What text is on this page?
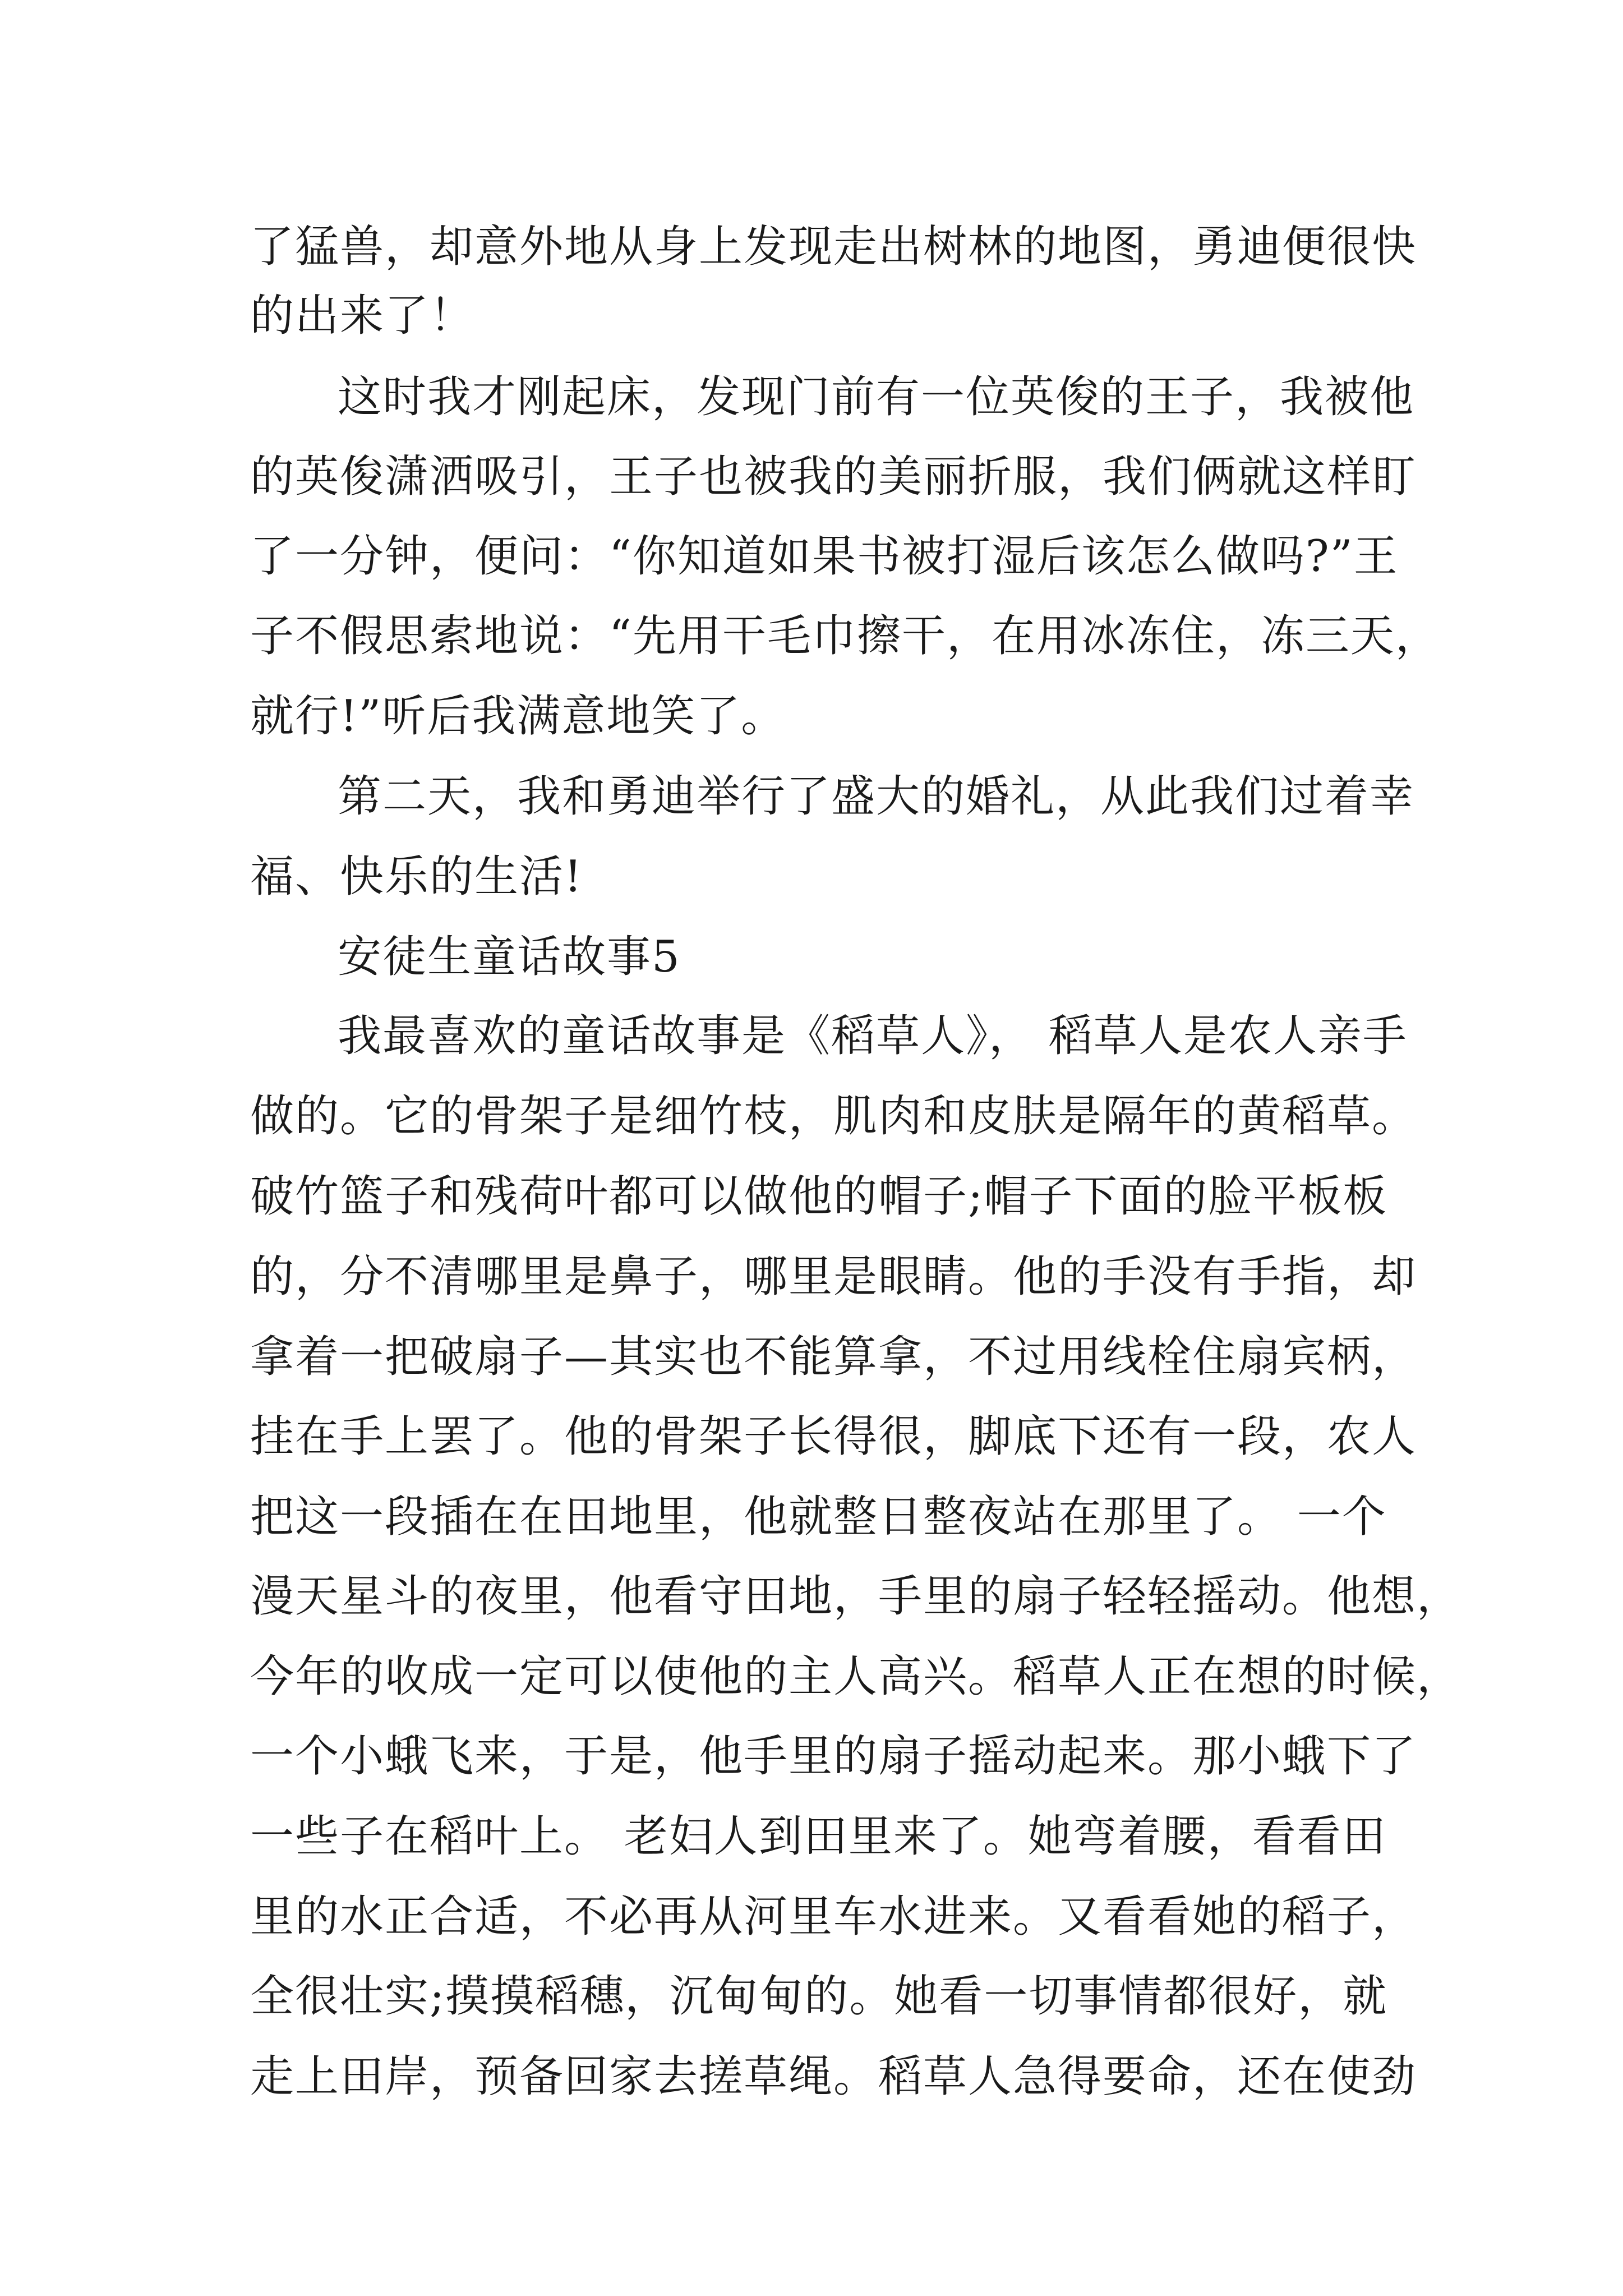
了猛兽，却意外地从身上发现走出树林的地图，勇迪便很快
的出来了！
这时我才刚起床，发现门前有一位英俊的王子，我被他
的英俊潇洒吸引，王子也被我的美丽折服，我们俩就这样盯
了一分钟，便问：“你知道如果书被打湿后该怎么做吗?”王
子不假思索地说：“先用干毛巾擦干，在用冰冻住，冻三天，
就行!”听后我满意地笑了。
第二天，我和勇迪举行了盛大的婚礼，从此我们过着幸
福、快乐的生活!
安徒生童话故事5
我最喜欢的童话故事是《稻草人》， 稻草人是农人亲手
做的。它的骨架子是细竹枝，肌肉和皮肤是隔年的黄稻草。
破竹篮子和残荷叶都可以做他的帽子;帽子下面的脸平板板
的，分不清哪里是鼻子，哪里是眼睛。他的手没有手指，却
拿着一把破扇子—其实也不能算拿，不过用线栓住扇宾柄，
挂在手上罢了。他的骨架子长得很，脚底下还有一段，农人
把这一段插在在田地里，他就整日整夜站在那里了。 一个
漫天星斗的夜里，他看守田地，手里的扇子轻轻摇动。他想，
今年的收成一定可以使他的主人高兴。稻草人正在想的时候，
一个小蛾飞来，于是，他手里的扇子摇动起来。那小蛾下了
一些子在稻叶上。 老妇人到田里来了。她弯着腰，看看田
里的水正合适，不必再从河里车水进来。又看看她的稻子，
全很壮实;摸摸稻穗，沉甸甸的。她看一切事情都很好，就
走上田岸，预备回家去搓草绳。稻草人急得要命，还在使劲
